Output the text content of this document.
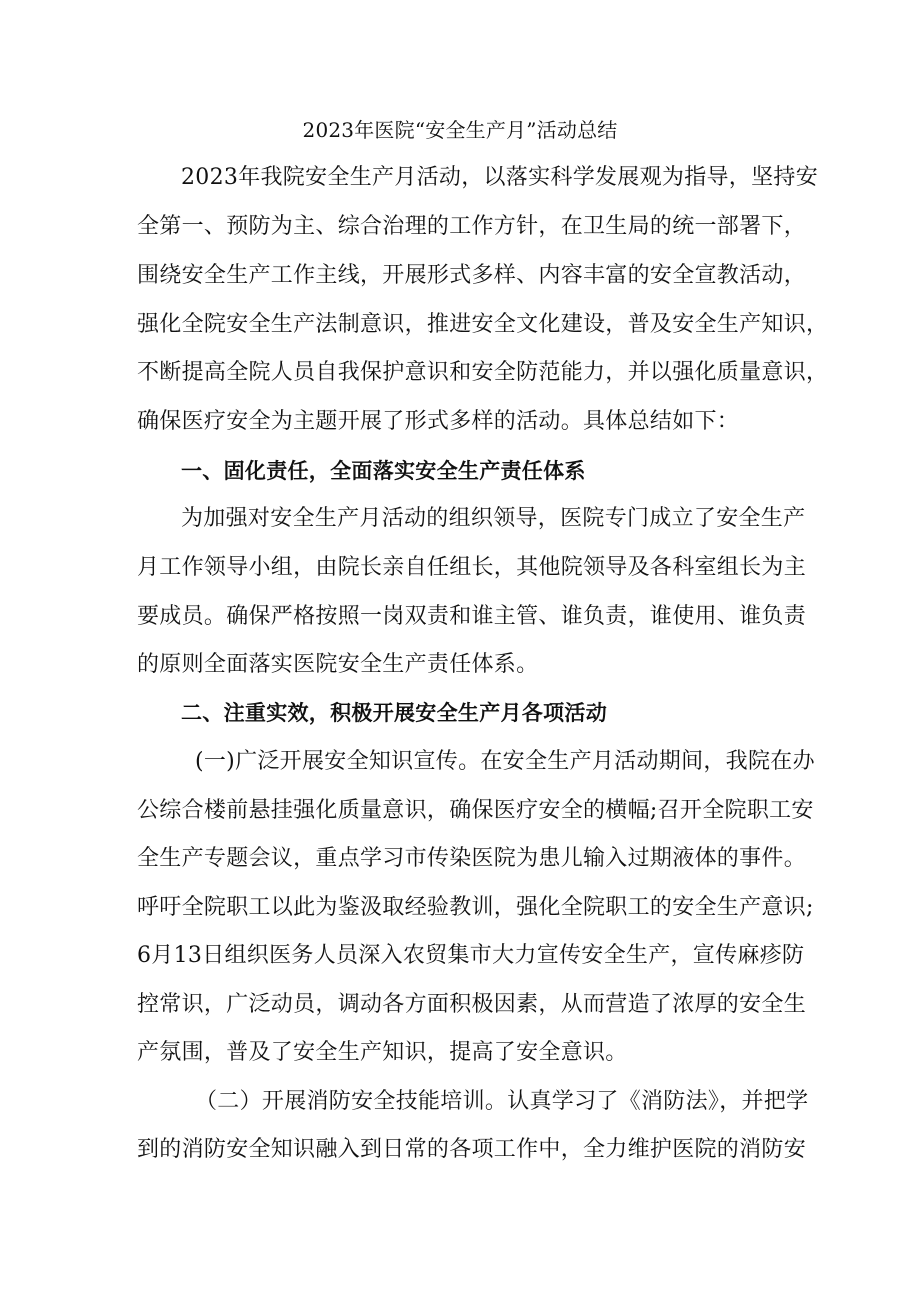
2023年医院“安全生产月”活动总结

2023年我院安全生产月活动，以落实科学发展观为指导，坚持安

全第一、预防为主、综合治理的工作方针，在卫生局的统一部署下，

围绕安全生产工作主线，开展形式多样、内容丰富的安全宣教活动，

强化全院安全生产法制意识，推进安全文化建设，普及安全生产知识，

不断提高全院人员自我保护意识和安全防范能力，并以强化质量意识，

确保医疗安全为主题开展了形式多样的活动。具体总结如下：

一、固化责任，全面落实安全生产责任体系

为加强对安全生产月活动的组织领导，医院专门成立了安全生产

月工作领导小组，由院长亲自任组长，其他院领导及各科室组长为主

要成员。确保严格按照一岗双责和谁主管、谁负责，谁使用、谁负责

的原则全面落实医院安全生产责任体系。

二、注重实效，积极开展安全生产月各项活动

(一)广泛开展安全知识宣传。在安全生产月活动期间，我院在办

公综合楼前悬挂强化质量意识，确保医疗安全的横幅;召开全院职工安

全生产专题会议，重点学习市传染医院为患儿输入过期液体的事件。

呼吁全院职工以此为鉴汲取经验教训，强化全院职工的安全生产意识;

6月13日组织医务人员深入农贸集市大力宣传安全生产，宣传麻疹防

控常识，广泛动员，调动各方面积极因素，从而营造了浓厚的安全生

产氛围，普及了安全生产知识，提高了安全意识。

（二）开展消防安全技能培训。认真学习了《消防法》，并把学

到的消防安全知识融入到日常的各项工作中，全力维护医院的消防安
